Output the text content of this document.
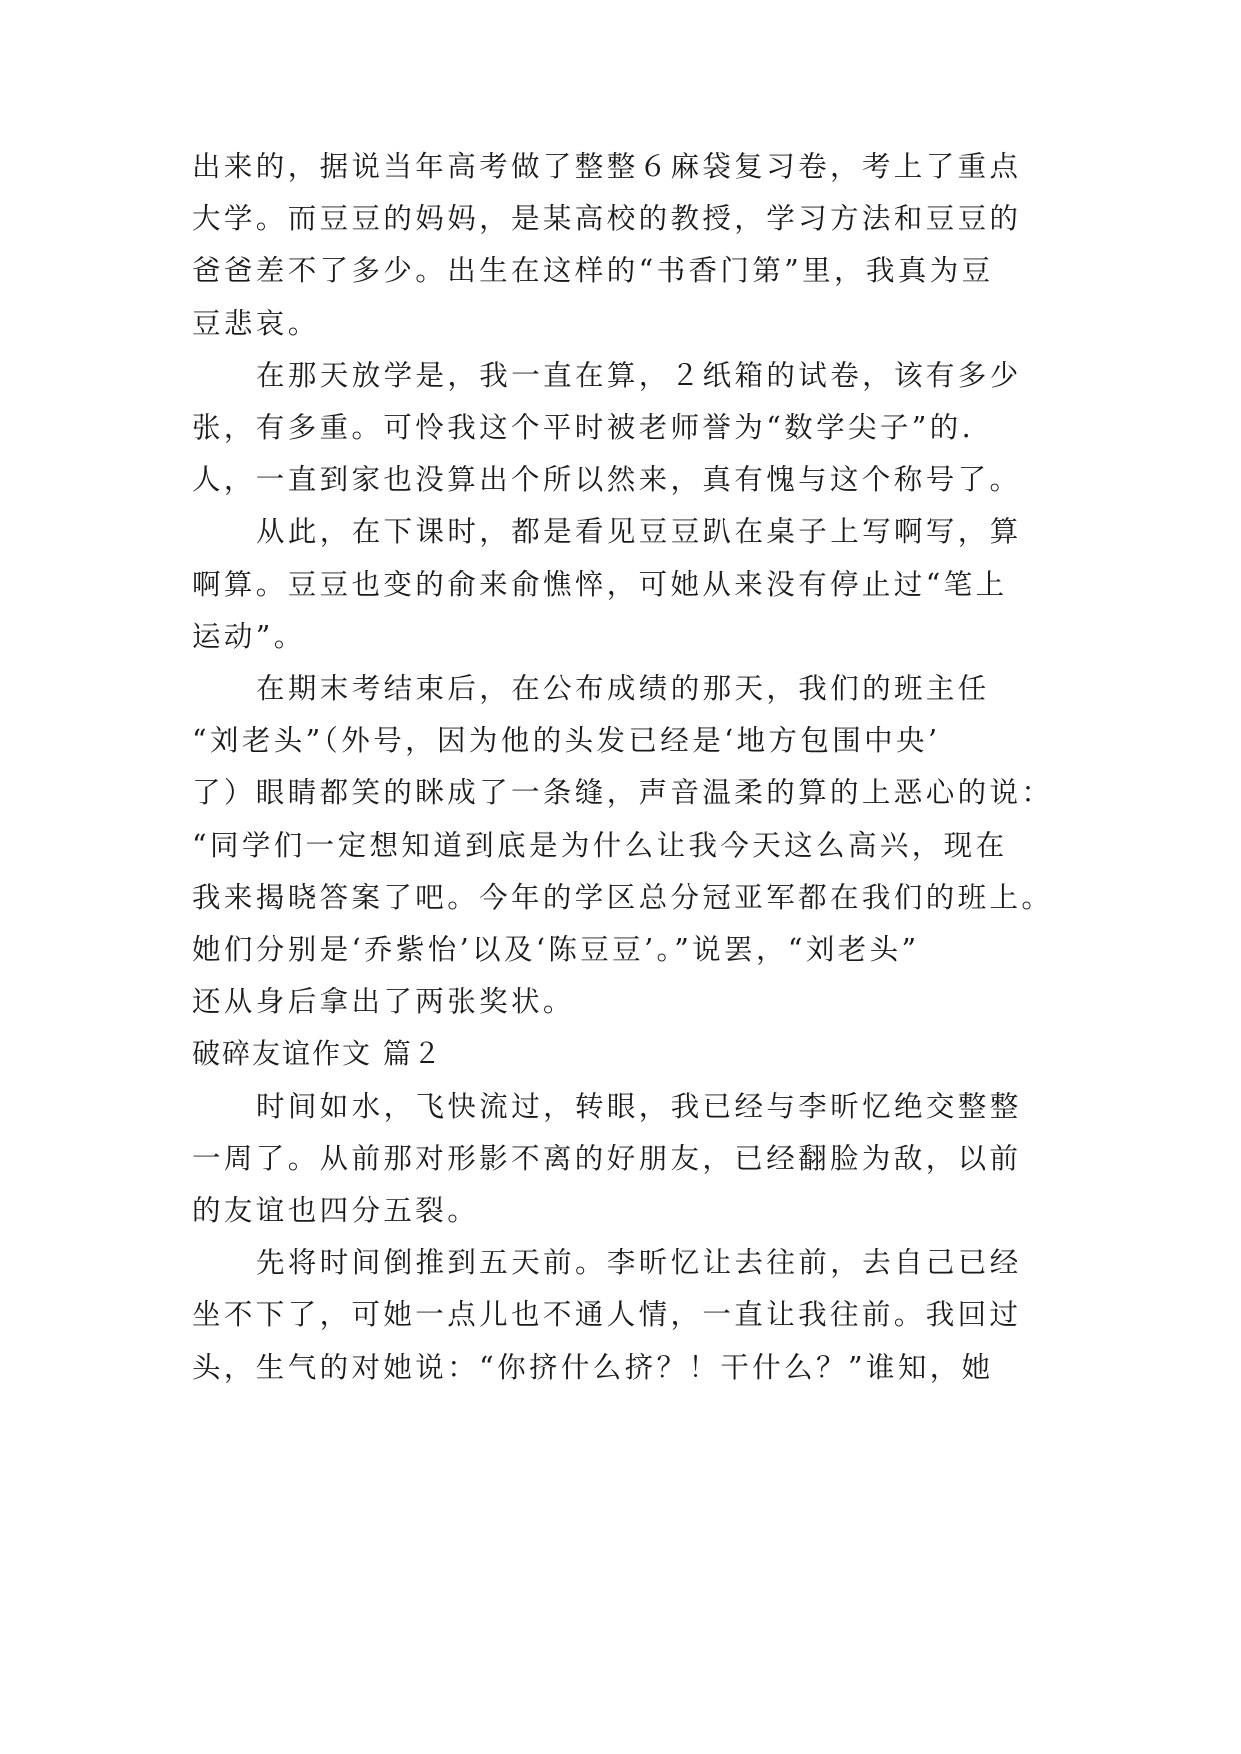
出来的，据说当年高考做了整整６麻袋复习卷，考上了重点
大学。而豆豆的妈妈，是某高校的教授，学习方法和豆豆的
爸爸差不了多少。出生在这样的“书香门第”里，我真为豆
豆悲哀。
在那天放学是，我一直在算，２纸箱的试卷，该有多少
张，有多重。可怜我这个平时被老师誉为“数学尖子”的.
人，一直到家也没算出个所以然来，真有愧与这个称号了。
从此，在下课时，都是看见豆豆趴在桌子上写啊写，算
啊算。豆豆也变的俞来俞憔悴，可她从来没有停止过“笔上
运动”。
在期末考结束后，在公布成绩的那天，我们的班主任
“刘老头”（外号，因为他的头发已经是‘地方包围中央’
了）眼睛都笑的眯成了一条缝，声音温柔的算的上恶心的说：
“同学们一定想知道到底是为什么让我今天这么高兴，现在
我来揭晓答案了吧。今年的学区总分冠亚军都在我们的班上。
她们分别是‘乔紫怡’以及‘陈豆豆’。”说罢，“刘老头”
还从身后拿出了两张奖状。
破碎友谊作文 篇２
时间如水，飞快流过，转眼，我已经与李昕忆绝交整整
一周了。从前那对形影不离的好朋友，已经翻脸为敌，以前
的友谊也四分五裂。
先将时间倒推到五天前。李昕忆让去往前，去自己已经
坐不下了，可她一点儿也不通人情，一直让我往前。我回过
头，生气的对她说：“你挤什么挤？！干什么？”谁知，她
